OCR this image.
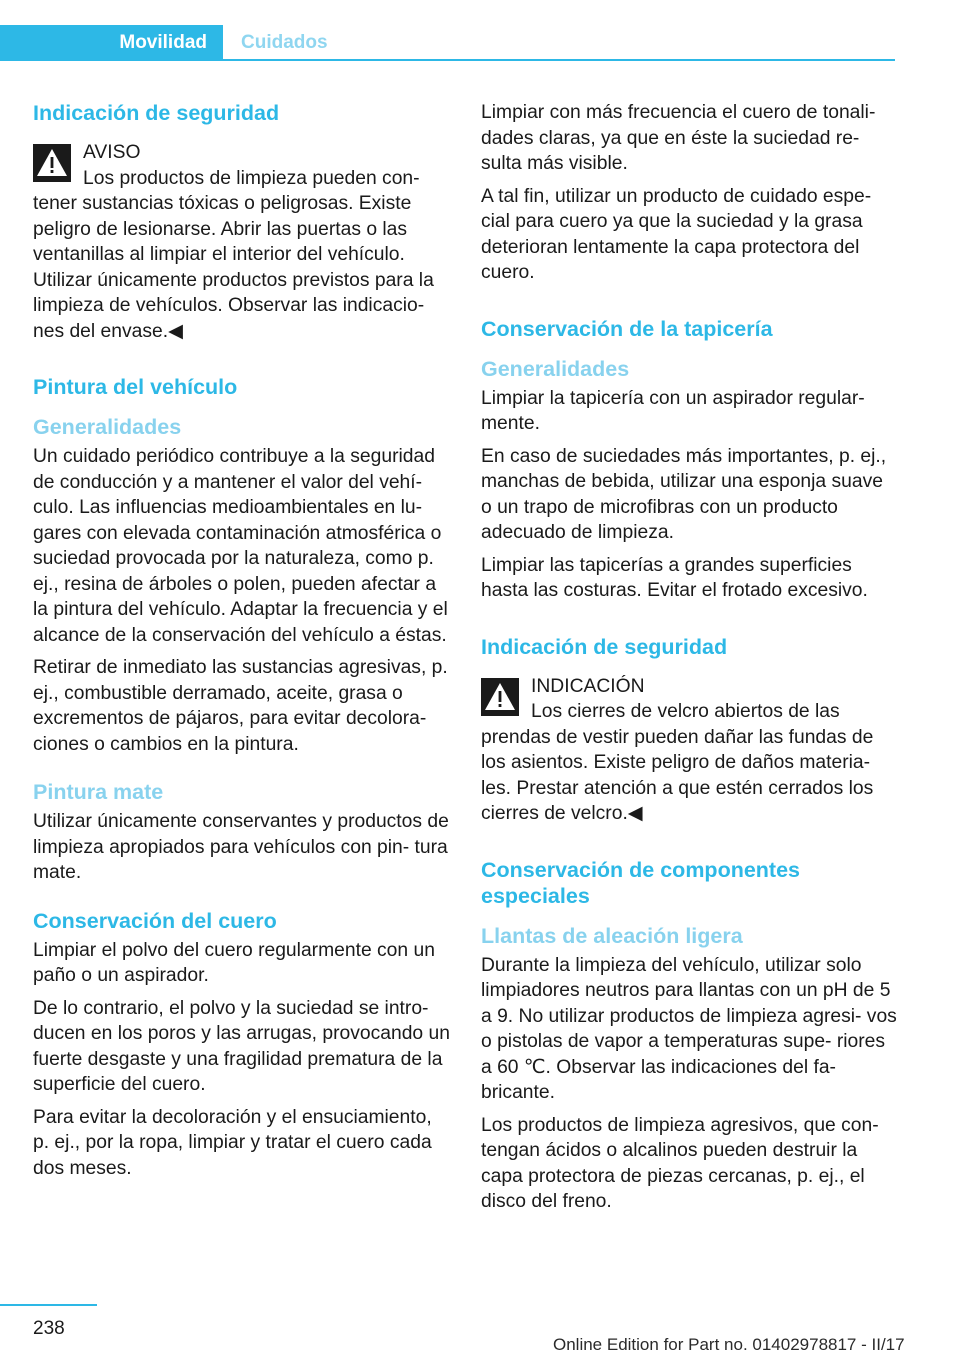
Movilidad	Cuidados
Indicación de seguridad
AVISO
Los productos de limpieza pueden con‐
tener sustancias tóxicas o peligrosas. Existe peligro de lesionarse. Abrir las puertas o las ventanillas al limpiar el interior del vehículo. Utilizar únicamente productos previstos para la limpieza de vehículos. Observar las indicacio‐ nes del envase.◀
Pintura del vehículo
Generalidades

Un cuidado periódico contribuye a la seguridad de conducción y a mantener el valor del vehí‐ culo. Las influencias medioambientales en lu‐ gares con elevada contaminación atmosférica o suciedad provocada por la naturaleza, como p. ej., resina de árboles o polen, pueden afectar a la pintura del vehículo. Adaptar la frecuencia y el alcance de la conservación del vehículo a éstas.

Retirar de inmediato las sustancias agresivas, p. ej., combustible derramado, aceite, grasa o excrementos de pájaros, para evitar decolora‐ ciones o cambios en la pintura.

Pintura mate

Utilizar únicamente conservantes y productos de limpieza apropiados para vehículos con pin‐ tura mate.

Conservación del cuero

Limpiar el polvo del cuero regularmente con un paño o un aspirador.

De lo contrario, el polvo y la suciedad se intro‐ ducen en los poros y las arrugas, provocando un fuerte desgaste y una fragilidad prematura de la superficie del cuero.

Para evitar la decoloración y el ensuciamiento, p. ej., por la ropa, limpiar y tratar el cuero cada dos meses.

Limpiar con más frecuencia el cuero de tonali‐ dades claras, ya que en éste la suciedad re‐ sulta más visible.

A tal fin, utilizar un producto de cuidado espe‐ cial para cuero ya que la suciedad y la grasa deterioran lentamente la capa protectora del cuero.

Conservación de la tapicería
Generalidades

Limpiar la tapicería con un aspirador regular‐ mente.

En caso de suciedades más importantes, p. ej., manchas de bebida, utilizar una esponja suave o un trapo de microfibras con un producto adecuado de limpieza.

Limpiar las tapicerías a grandes superficies hasta las costuras. Evitar el frotado excesivo.

Indicación de seguridad
INDICACIÓN
Los cierres de velcro abiertos de las
prendas de vestir pueden dañar las fundas de los asientos. Existe peligro de daños materia‐ les. Prestar atención a que estén cerrados los cierres de velcro.◀
Conservación de componentes especiales
Llantas de aleación ligera

Durante la limpieza del vehículo, utilizar solo limpiadores neutros para llantas con un pH de 5 a 9. No utilizar productos de limpieza agresi‐ vos o pistolas de vapor a temperaturas supe‐ riores a 60 ℃. Observar las indicaciones del fa‐ bricante.

Los productos de limpieza agresivos, que con‐ tengan ácidos o alcalinos pueden destruir la capa protectora de piezas cercanas, p. ej., el disco del freno.

238
Online Edition for Part no. 01402978817 - II/17
